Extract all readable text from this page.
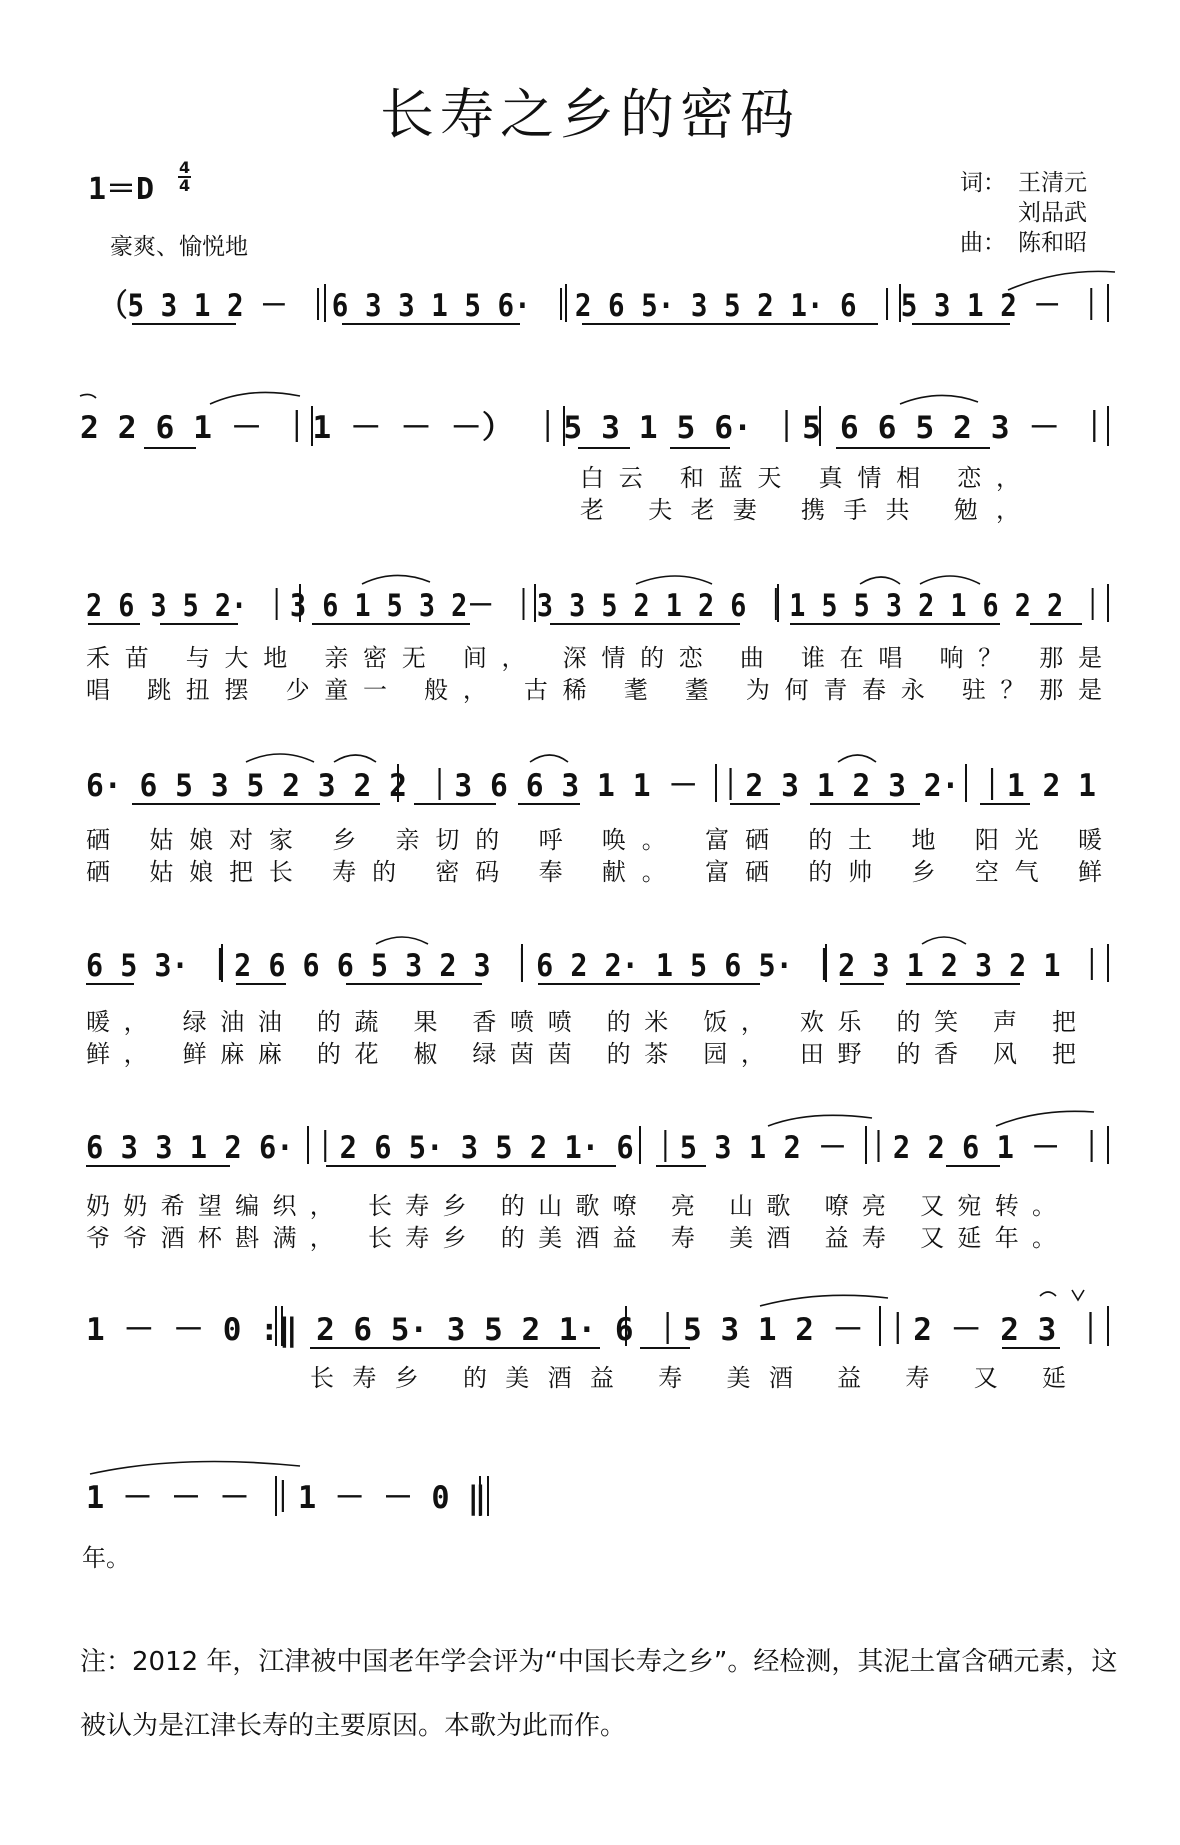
长寿之乡的密码
$1=D \frac{4}{4}$
豪爽、愉悦地
词： 王清元
刘品武
曲： 陈和昭
（5 3 1 2 － ｜6 3 3 1 5 6· ｜2 6 5· 3 5 2 1· 6 ｜5 3 1 2 － ｜
2 2 6 1 － ｜1 － － －） ｜5 3 1 5 6· ｜5 6 6 5 2 3 － ｜
白云 和蓝天 真情相 恋，
老 夫老妻 携手共 勉，
2 6 3 5 2· ｜3 6 1 5 3 2－ ｜3 3 5 2 1 2 6 ｜1 5 5 3 2 1 6 2 2 ｜
禾苗 与大地 亲密无 间， 深情的恋 曲 谁在唱 响？ 那是
唱 跳扭摆 少童一 般， 古稀 耄 耋 为何青春永 驻？那是
6· 6 5 3 5 2 3 2 2 ｜3 6 6 3 1 1 － ｜2 3 1 2 3 2· ｜1 2 1
硒 姑娘对家 乡 亲切的 呼 唤。 富硒 的土 地 阳光 暖
硒 姑娘把长 寿的 密码 奉 献。 富硒 的帅 乡 空气 鲜
6 5 3· ｜2 6 6 6 5 3 2 3 ｜6 2 2· 1 5 6 5· ｜2 3 1 2 3 2 1 ｜
暖， 绿油油 的蔬 果 香喷喷 的米 饭， 欢乐 的笑 声 把
鲜， 鲜麻麻 的花 椒 绿茵茵 的茶 园， 田野 的香 风 把
6 3 3 1 2 6· ｜2 6 5· 3 5 2 1· 6 ｜5 3 1 2 － ｜2 2 6 1 － ｜
奶奶希望编织， 长寿乡 的山歌嘹 亮 山歌 嘹亮 又宛转。
爷爷酒杯斟满， 长寿乡 的美酒益 寿 美酒 益寿 又延年。
1 － － 0 :‖ 2 6 5· 3 5 2 1· 6 ｜5 3 1 2 － ｜2 － 2 3 ｜
长寿乡 的美酒益 寿 美酒 益 寿 又 延
1 － － － ｜1 － － 0 ‖
年。
注：2012 年，江津被中国老年学会评为“中国长寿之乡”。经检测，其泥土富含硒元素，这被认为是江津长寿的主要原因。本歌为此而作。
